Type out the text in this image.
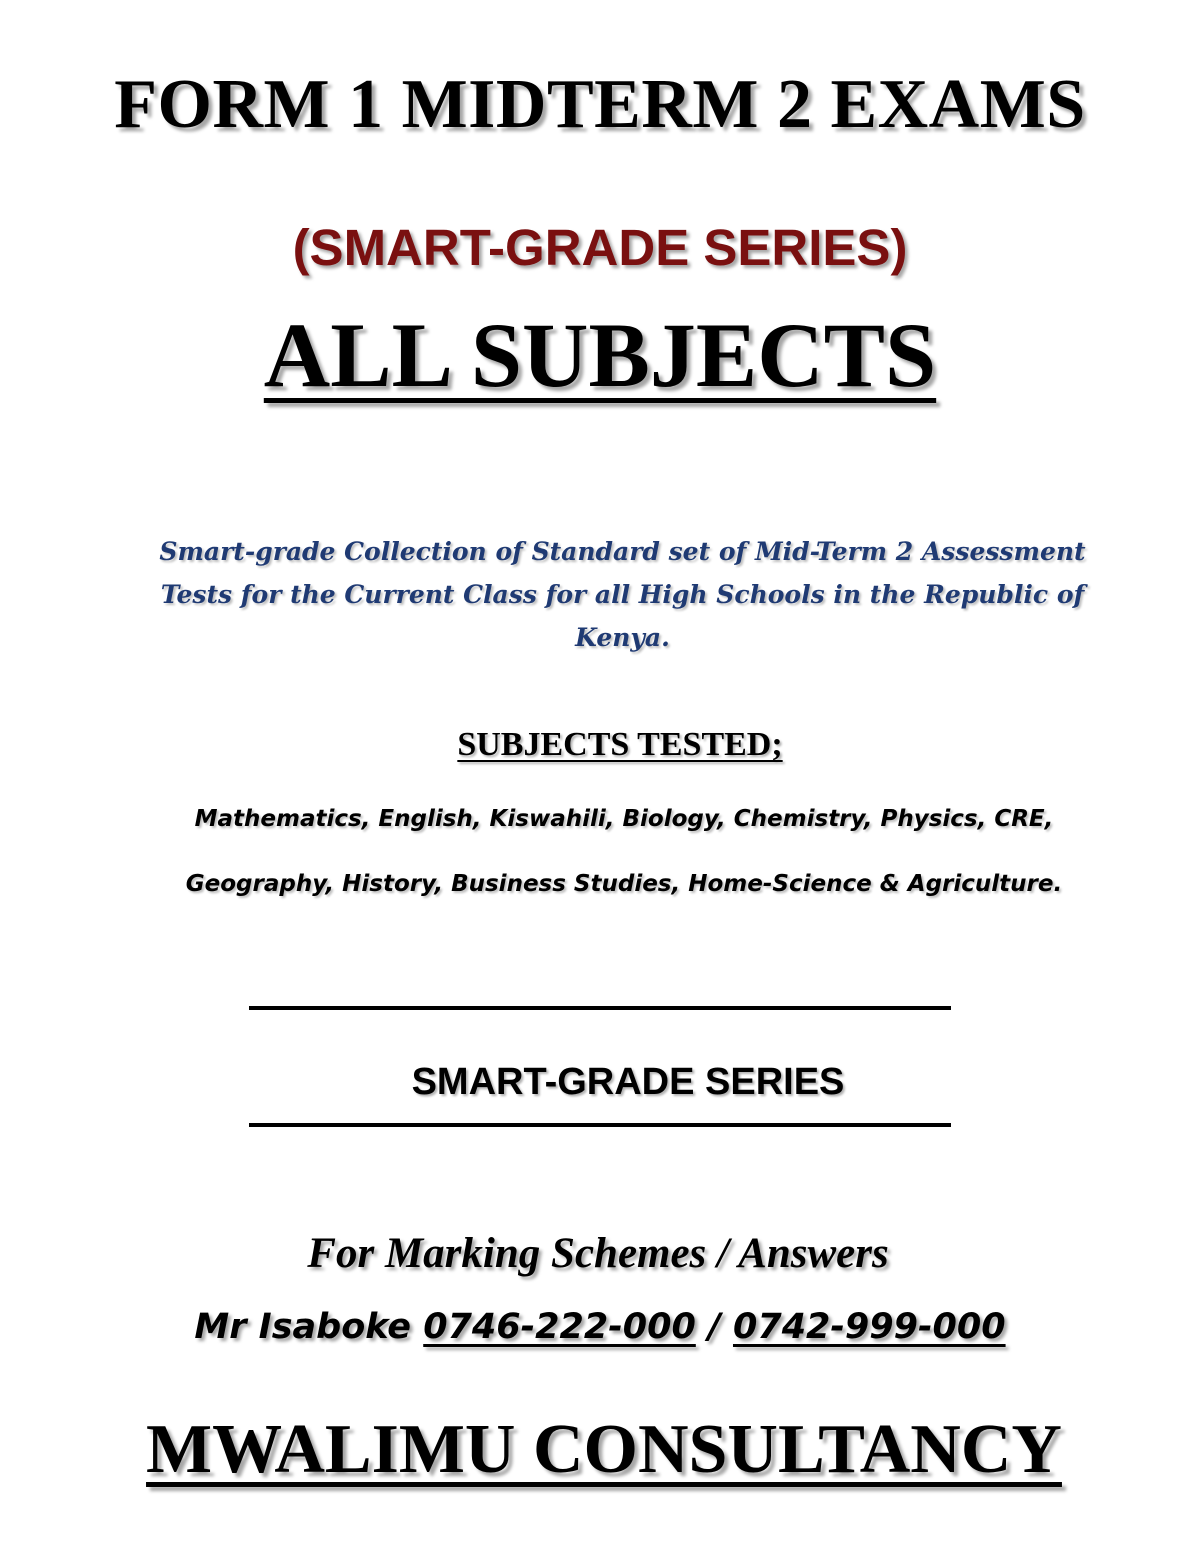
FORM 1 MIDTERM 2 EXAMS
(SMART-GRADE SERIES)
ALL SUBJECTS

Smart-grade Collection of Standard set of Mid-Term 2 Assessment Tests for the Current Class for all High Schools in the Republic of Kenya.

SUBJECTS TESTED;
Mathematics, English, Kiswahili, Biology, Chemistry, Physics, CRE,
Geography, History, Business Studies, Home-Science & Agriculture.
SMART-GRADE SERIES
For Marking Schemes / Answers
Mr Isaboke 0746-222-000 / 0742-999-000
MWALIMU CONSULTANCY
